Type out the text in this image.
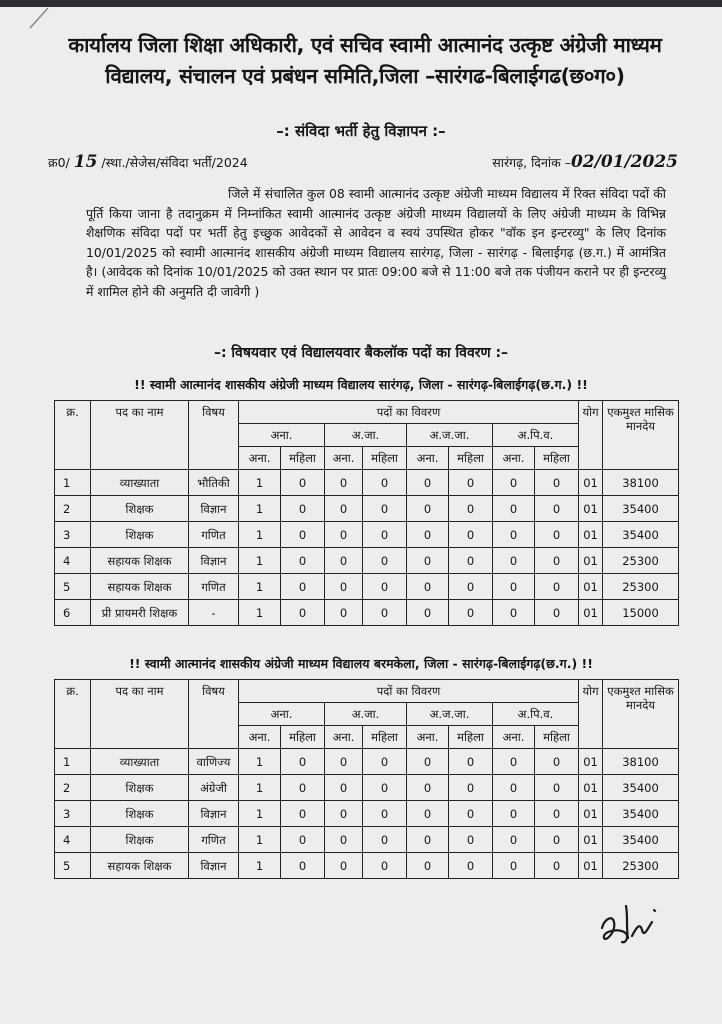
कार्यालय जिला शिक्षा अधिकारी, एवं सचिव स्वामी आत्मानंद उत्कृष्ट अंग्रेजी माध्यम
विद्यालय, संचालन एवं प्रबंधन समिति,जिला –सारंगढ-बिलाईगढ(छ०ग०)
–: संविदा भर्ती हेतु विज्ञापन :–
क्र0/ 15 /स्था./सेजेस/संविदा भर्ती/2024	सारंगढ़, दिनांक –02/01/2025
जिले में संचालित कुल 08 स्वामी आत्मानंद उत्कृष्ट अंग्रेजी माध्यम विद्यालय में रिक्त संविदा पदों की पूर्ति किया जाना है तदानुक्रम में निम्नांकित स्वामी आत्मानंद उत्कृष्ट अंग्रेजी माध्यम विद्यालयों के लिए अंग्रेजी माध्यम के विभिन्न शैक्षणिक संविदा पदों पर भर्ती हेतु इच्छुक आवेदकों से आवेदन व स्वयं उपस्थित होकर "वॉक इन इन्टरव्यु" के लिए दिनांक 10/01/2025 को स्वामी आत्मानंद शासकीय अंग्रेजी माध्यम विद्यालय सारंगढ़, जिला - सारंगढ़ - बिलाईगढ़ (छ.ग.) में आमंत्रित है। (आवेदक को दिनांक 10/01/2025 को उक्त स्थान पर प्रातः 09:00 बजे से 11:00 बजे तक पंजीयन कराने पर ही इन्टरव्यु में शामिल होने की अनुमति दी जावेगी )
–: विषयवार एवं विद्यालयवार बैकलॉक पदों का विवरण :–
!! स्वामी आत्मानंद शासकीय अंग्रेजी माध्यम विद्यालय सारंगढ़, जिला - सारंगढ़-बिलाईगढ़(छ.ग.) !!
क्र.	पद का नाम	विषय	पदों का विवरण								योग	एकमुश्त मासिक मानदेय
			अना.		अ.जा.		अ.ज.जा.		अ.पि.व.			
			अना.	महिला	अना.	महिला	अना.	महिला	अना.	महिला		
1	व्याख्याता	भौतिकी	1	0	0	0	0	0	0	0	01	38100
2	शिक्षक	विज्ञान	1	0	0	0	0	0	0	0	01	35400
3	शिक्षक	गणित	1	0	0	0	0	0	0	0	01	35400
4	सहायक शिक्षक	विज्ञान	1	0	0	0	0	0	0	0	01	25300
5	सहायक शिक्षक	गणित	1	0	0	0	0	0	0	0	01	25300
6	प्री प्रायमरी शिक्षक	-	1	0	0	0	0	0	0	0	01	15000
!! स्वामी आत्मानंद शासकीय अंग्रेजी माध्यम विद्यालय बरमकेला, जिला - सारंगढ़-बिलाईगढ़(छ.ग.) !!
क्र.	पद का नाम	विषय	पदों का विवरण								योग	एकमुश्त मासिक मानदेय
			अना.		अ.जा.		अ.ज.जा.		अ.पि.व.			
			अना.	महिला	अना.	महिला	अना.	महिला	अना.	महिला		
1	व्याख्याता	वाणिज्य	1	0	0	0	0	0	0	0	01	38100
2	शिक्षक	अंग्रेजी	1	0	0	0	0	0	0	0	01	35400
3	शिक्षक	विज्ञान	1	0	0	0	0	0	0	0	01	35400
4	शिक्षक	गणित	1	0	0	0	0	0	0	0	01	35400
5	सहायक शिक्षक	विज्ञान	1	0	0	0	0	0	0	0	01	25300
